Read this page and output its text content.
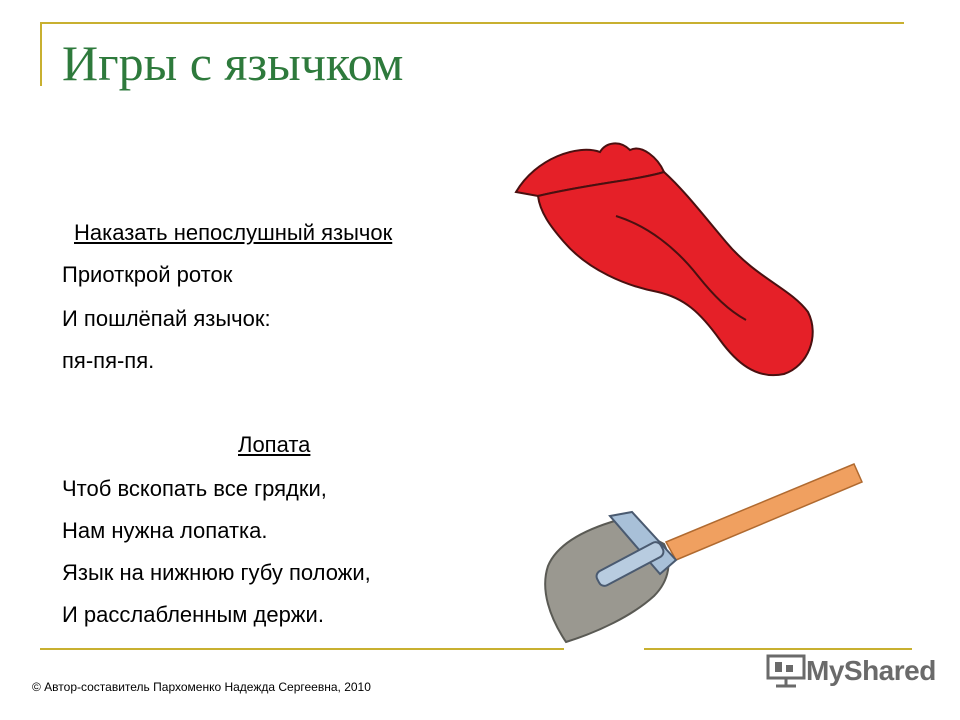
Игры с язычком

Наказать непослушный язычок

Приоткрой роток

И пошлёпай язычок:

пя-пя-пя.

Лопата

Чтоб вскопать все грядки,

Нам нужна лопатка.

Язык на нижнюю губу положи,

И расслабленным держи.

© Автор-составитель Пархоменко Надежда Сергеевна, 2010
MyShared
